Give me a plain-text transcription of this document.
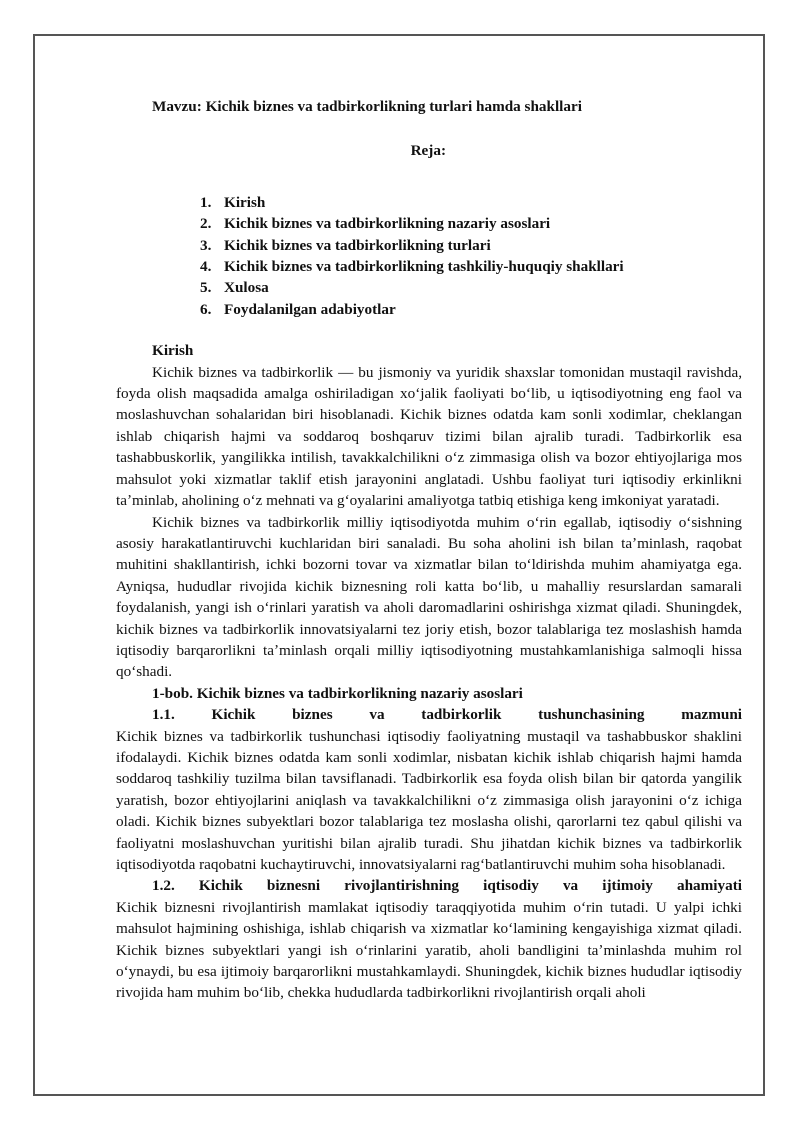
Mavzu: Kichik biznes va tadbirkorlikning turlari hamda shakllari
Reja:
1. Kirish
2. Kichik biznes va tadbirkorlikning nazariy asoslari
3. Kichik biznes va tadbirkorlikning turlari
4. Kichik biznes va tadbirkorlikning tashkiliy-huquqiy shakllari
5. Xulosa
6. Foydalanilgan adabiyotlar
Kirish

Kichik biznes va tadbirkorlik — bu jismoniy va yuridik shaxslar tomonidan mustaqil ravishda, foyda olish maqsadida amalga oshiriladigan xoʻjalik faoliyati boʻlib, u iqtisodiyotning eng faol va moslashuvchan sohalaridan biri hisoblanadi. Kichik biznes odatda kam sonli xodimlar, cheklangan ishlab chiqarish hajmi va soddaroq boshqaruv tizimi bilan ajralib turadi. Tadbirkorlik esa tashabbuskorlik, yangilikka intilish, tavakkalchilikni oʻz zimmasiga olish va bozor ehtiyojlariga mos mahsulot yoki xizmatlar taklif etish jarayonini anglatadi. Ushbu faoliyat turi iqtisodiy erkinlikni taʼminlab, aholining oʻz mehnati va gʻoyalarini amaliyotga tatbiq etishiga keng imkoniyat yaratadi.

Kichik biznes va tadbirkorlik milliy iqtisodiyotda muhim oʻrin egallab, iqtisodiy oʻsishning asosiy harakatlantiruvchi kuchlaridan biri sanaladi. Bu soha aholini ish bilan taʼminlash, raqobat muhitini shakllantirish, ichki bozorni tovar va xizmatlar bilan toʻldirishda muhim ahamiyatga ega. Ayniqsa, hududlar rivojida kichik biznesning roli katta boʻlib, u mahalliy resurslardan samarali foydalanish, yangi ish oʻrinlari yaratish va aholi daromadlarini oshirishga xizmat qiladi. Shuningdek, kichik biznes va tadbirkorlik innovatsiyalarni tez joriy etish, bozor talablariga tez moslashish hamda iqtisodiy barqarorlikni taʼminlash orqali milliy iqtisodiyotning mustahkamlanishiga salmoqli hissa qoʻshadi.

1-bob. Kichik biznes va tadbirkorlikning nazariy asoslari
1.1. Kichik biznes va tadbirkorlik tushunchasining mazmuni

Kichik biznes va tadbirkorlik tushunchasi iqtisodiy faoliyatning mustaqil va tashabbuskor shaklini ifodalaydi. Kichik biznes odatda kam sonli xodimlar, nisbatan kichik ishlab chiqarish hajmi hamda soddaroq tashkiliy tuzilma bilan tavsiflanadi. Tadbirkorlik esa foyda olish bilan bir qatorda yangilik yaratish, bozor ehtiyojlarini aniqlash va tavakkalchilikni oʻz zimmasiga olish jarayonini oʻz ichiga oladi. Kichik biznes subyektlari bozor talablariga tez moslasha olishi, qarorlarni tez qabul qilishi va faoliyatni moslashuvchan yuritishi bilan ajralib turadi. Shu jihatdan kichik biznes va tadbirkorlik iqtisodiyotda raqobatni kuchaytiruvchi, innovatsiyalarni ragʻbatlantiruvchi muhim soha hisoblanadi.

1.2. Kichik biznesni rivojlantirishning iqtisodiy va ijtimoiy ahamiyati

Kichik biznesni rivojlantirish mamlakat iqtisodiy taraqqiyotida muhim oʻrin tutadi. U yalpi ichki mahsulot hajmining oshishiga, ishlab chiqarish va xizmatlar koʻlamining kengayishiga xizmat qiladi. Kichik biznes subyektlari yangi ish oʻrinlarini yaratib, aholi bandligini taʼminlashda muhim rol oʻynaydi, bu esa ijtimoiy barqarorlikni mustahkamlaydi. Shuningdek, kichik biznes hududlar iqtisodiy rivojida ham muhim boʻlib, chekka hududlarda tadbirkorlikni rivojlantirish orqali aholi
